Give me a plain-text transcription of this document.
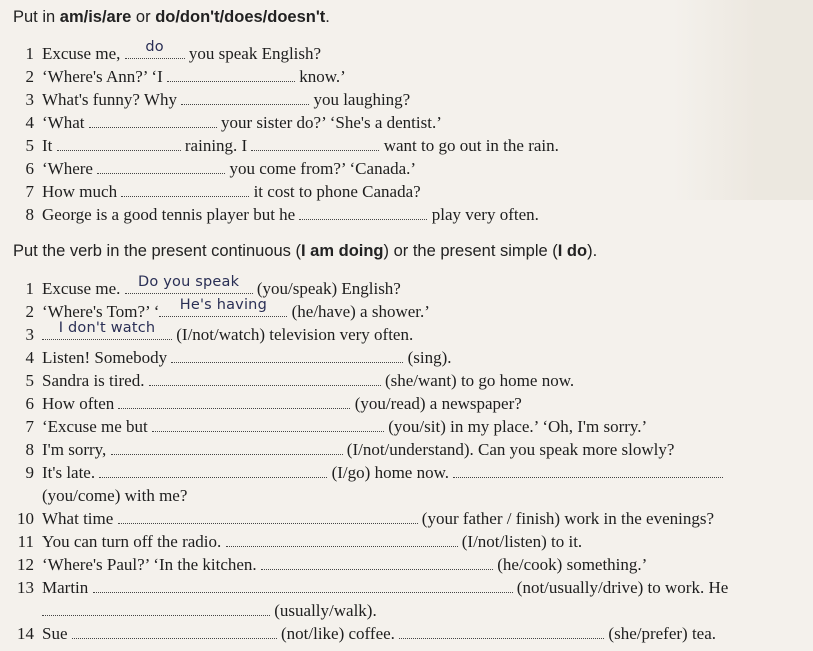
Put in am/is/are or do/don't/does/doesn't.
1 Excuse me,	do	you speak English?
2 ‘Where's Ann?’ ‘I	know.’
3 What's funny? Why	you laughing?
4 ‘What	your sister do?’ ‘She's a dentist.’
5 It	raining. I	want to go out in the rain.
6 ‘Where	you come from?’ ‘Canada.’
7 How much	it cost to phone Canada?
8 George is a good tennis player but he	play very often.
Put the verb in the present continuous (I am doing) or the present simple (I do).
1 Excuse me. Do you speak (you/speak) English?
2 ‘Where's Tom?’ ‘	He's having	(he/have) a shower.’
3	I don't watch (I/not/watch) television very often.
4 Listen! Somebody	(sing).
5 Sandra is tired.	(she/want) to go home now.
6 How often	(you/read) a newspaper?
7 ‘Excuse me but	(you/sit) in my place.’ ‘Oh, I'm sorry.’
8 I'm sorry,	(I/not/understand). Can you speak more slowly?
9 It's late.	(I/go) home now.
(you/come) with me?
10 What time	(your father / finish) work in the evenings?
11 You can turn off the radio.	(I/not/listen) to it.
12 ‘Where's Paul?’ ‘In the kitchen.	(he/cook) something.’
13 Martin	(not/usually/drive) to work. He
(usually/walk).
14 Sue	(not/like) coffee.	(she/prefer) tea.
